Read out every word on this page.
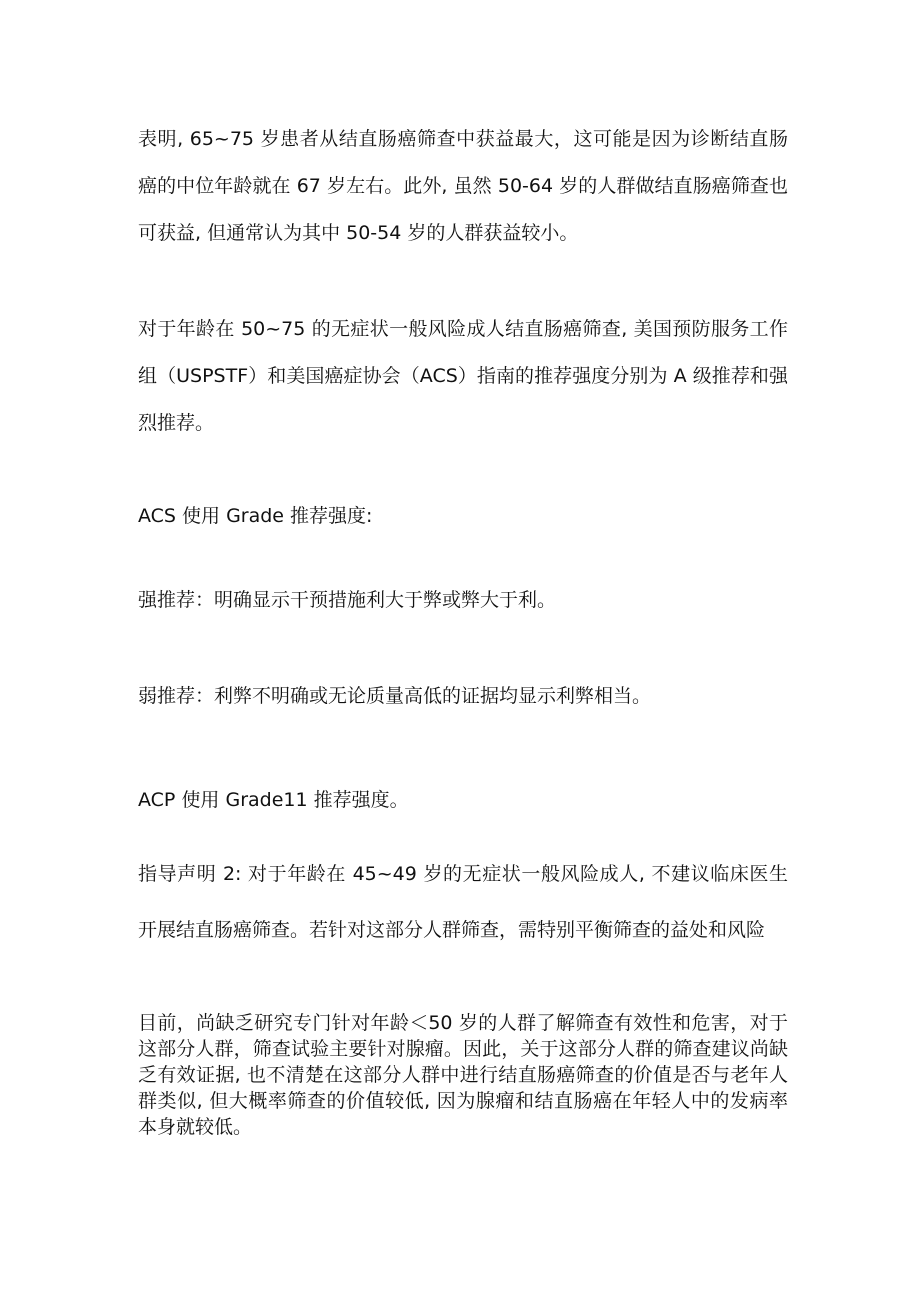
表明, 65~75 岁患者从结直肠癌筛查中获益最大，这可能是因为诊断结直肠癌的中位年龄就在 67 岁左右。此外, 虽然 50-64 岁的人群做结直肠癌筛查也可获益, 但通常认为其中 50-54 岁的人群获益较小。

对于年龄在 50~75 的无症状一般风险成人结直肠癌筛查, 美国预防服务工作组（USPSTF）和美国癌症协会（ACS）指南的推荐强度分别为 A 级推荐和强烈推荐。

ACS 使用 Grade 推荐强度:

强推荐：明确显示干预措施利大于弊或弊大于利。

弱推荐：利弊不明确或无论质量高低的证据均显示利弊相当。

ACP 使用 Grade11 推荐强度。

指导声明 2: 对于年龄在 45~49 岁的无症状一般风险成人, 不建议临床医生开展结直肠癌筛查。若针对这部分人群筛查，需特别平衡筛查的益处和风险

目前，尚缺乏研究专门针对年龄＜50 岁的人群了解筛查有效性和危害，对于这部分人群，筛查试验主要针对腺瘤。因此，关于这部分人群的筛查建议尚缺乏有效证据, 也不清楚在这部分人群中进行结直肠癌筛查的价值是否与老年人群类似, 但大概率筛查的价值较低, 因为腺瘤和结直肠癌在年轻人中的发病率本身就较低。
